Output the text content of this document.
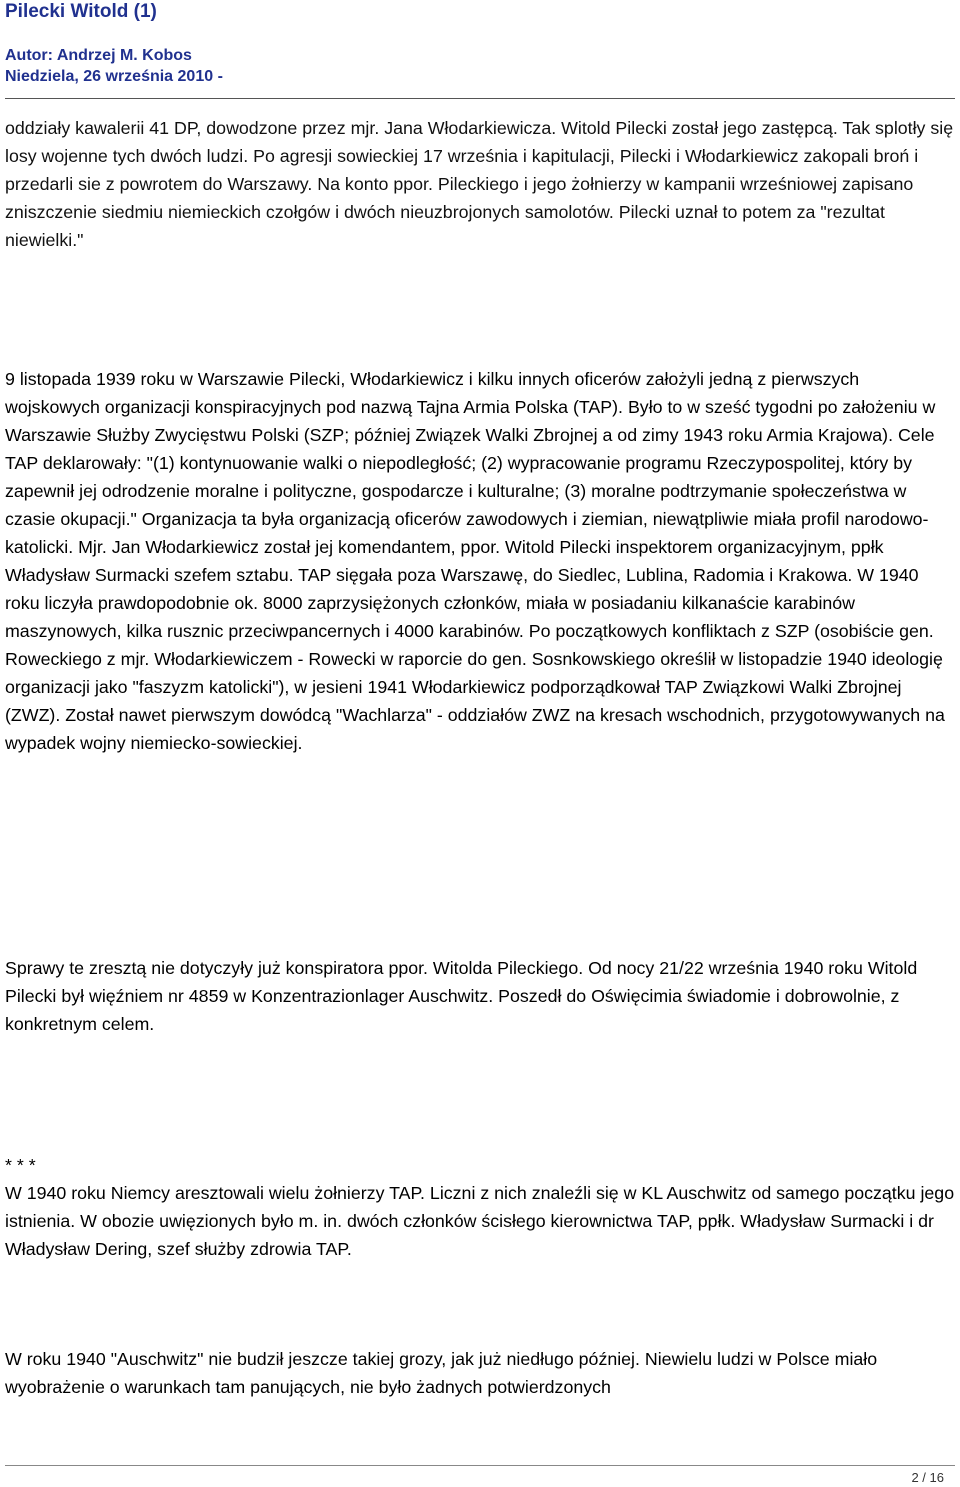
Pilecki Witold (1)
Autor: Andrzej M. Kobos
Niedziela, 26 września 2010 -

oddziały kawalerii 41 DP, dowodzone przez mjr. Jana Włodarkiewicza. Witold Pilecki został jego zastępcą. Tak splotły się losy wojenne tych dwóch ludzi. Po agresji sowieckiej 17 września i kapitulacji, Pilecki i Włodarkiewicz zakopali broń i przedarli sie z powrotem do Warszawy. Na konto ppor. Pileckiego i jego żołnierzy w kampanii wrześniowej zapisano zniszczenie siedmiu niemieckich czołgów i dwóch nieuzbrojonych samolotów. Pilecki uznał to potem za "rezultat niewielki."

9 listopada 1939 roku w Warszawie Pilecki, Włodarkiewicz i kilku innych oficerów założyli jedną z pierwszych wojskowych organizacji konspiracyjnych pod nazwą Tajna Armia Polska (TAP). Było to w sześć tygodni po założeniu w Warszawie Służby Zwycięstwu Polski (SZP; później Związek Walki Zbrojnej a od zimy 1943 roku Armia Krajowa). Cele TAP deklarowały: "(1) kontynuowanie walki o niepodległość; (2) wypracowanie programu Rzeczypospolitej, który by zapewnił jej odrodzenie moralne i polityczne, gospodarcze i kulturalne; (3) moralne podtrzymanie społeczeństwa w czasie okupacji." Organizacja ta była organizacją oficerów zawodowych i ziemian, niewątpliwie miała profil narodowo-katolicki. Mjr. Jan Włodarkiewicz został jej komendantem, ppor. Witold Pilecki inspektorem organizacyjnym, ppłk Władysław Surmacki szefem sztabu. TAP sięgała poza Warszawę, do Siedlec, Lublina, Radomia i Krakowa. W 1940 roku liczyła prawdopodobnie ok. 8000 zaprzysiężonych członków, miała w posiadaniu kilkanaście karabinów maszynowych, kilka rusznic przeciwpancernych i 4000 karabinów. Po początkowych konfliktach z SZP (osobiście gen. Roweckiego z mjr. Włodarkiewiczem - Rowecki w raporcie do gen. Sosnkowskiego określił w listopadzie 1940 ideologię organizacji jako "faszyzm katolicki"), w jesieni 1941 Włodarkiewicz podporządkował TAP Związkowi Walki Zbrojnej (ZWZ). Został nawet pierwszym dowódcą "Wachlarza" - oddziałów ZWZ na kresach wschodnich, przygotowywanych na wypadek wojny niemiecko-sowieckiej.

Sprawy te zresztą nie dotyczyły już konspiratora ppor. Witolda Pileckiego. Od nocy 21/22 września 1940 roku Witold Pilecki był więźniem nr 4859 w Konzentrazionlager Auschwitz. Poszedł do Oświęcimia świadomie i dobrowolnie, z konkretnym celem.

* * *

W 1940 roku Niemcy aresztowali wielu żołnierzy TAP. Liczni z nich znaleźli się w KL Auschwitz od samego początku jego istnienia. W obozie uwięzionych było m. in. dwóch członków ścisłego kierownictwa TAP, ppłk. Władysław Surmacki i dr Władysław Dering, szef służby zdrowia TAP.

W roku 1940 "Auschwitz" nie budził jeszcze takiej grozy, jak już niedługo później. Niewielu ludzi w Polsce miało wyobrażenie o warunkach tam panujących, nie było żadnych potwierdzonych

2 / 16
